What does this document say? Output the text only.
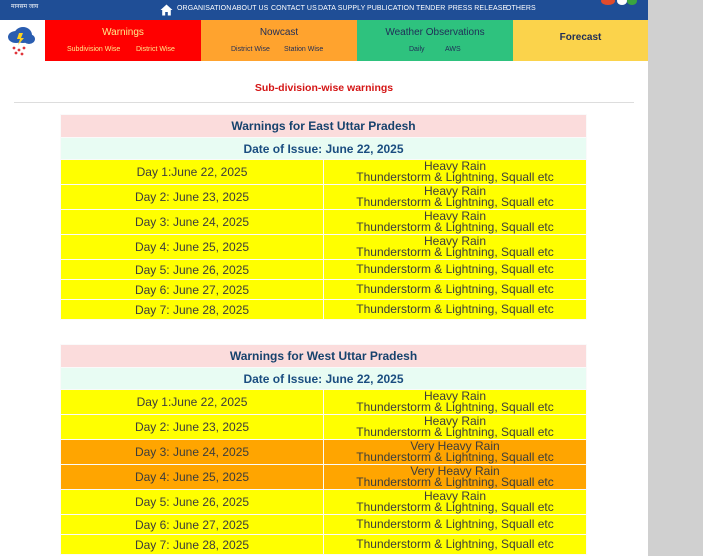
मानसम जाय	ORGANISATION ABOUT US CONTACT US DATA SUPPLY PUBLICATION TENDER PRESS RELEASE
OTHERS
Warnings
Subdivision Wise District Wise
Nowcast
District Wise Station Wise
Weather Observations
Daily	AWS
Forecast
Sub-division-wise warnings
Warnings for East Uttar Pradesh	
Date of Issue: June 22, 2025	
Day 1:June 22, 2025	Heavy Rain
Thunderstorm & Lightning, Squall etc

Day 2: June 23, 2025	Heavy Rain
Thunderstorm & Lightning, Squall etc

Day 3: June 24, 2025	Heavy Rain
Thunderstorm & Lightning, Squall etc

Day 4: June 25, 2025	Heavy Rain
Thunderstorm & Lightning, Squall etc

Day 5: June 26, 2025	Thunderstorm & Lightning, Squall etc

Day 6: June 27, 2025	Thunderstorm & Lightning, Squall etc

Day 7: June 28, 2025	Thunderstorm & Lightning, Squall etc
Warnings for West Uttar Pradesh	
Date of Issue: June 22, 2025	
Day 1:June 22, 2025	Heavy Rain
Thunderstorm & Lightning, Squall etc

Day 2: June 23, 2025	Heavy Rain
Thunderstorm & Lightning, Squall etc

Day 3: June 24, 2025	Very Heavy Rain
Thunderstorm & Lightning, Squall etc

Day 4: June 25, 2025	Very Heavy Rain
Thunderstorm & Lightning, Squall etc

Day 5: June 26, 2025	Heavy Rain
Thunderstorm & Lightning, Squall etc

Day 6: June 27, 2025	Thunderstorm & Lightning, Squall etc

Day 7: June 28, 2025	Thunderstorm & Lightning, Squall etc
